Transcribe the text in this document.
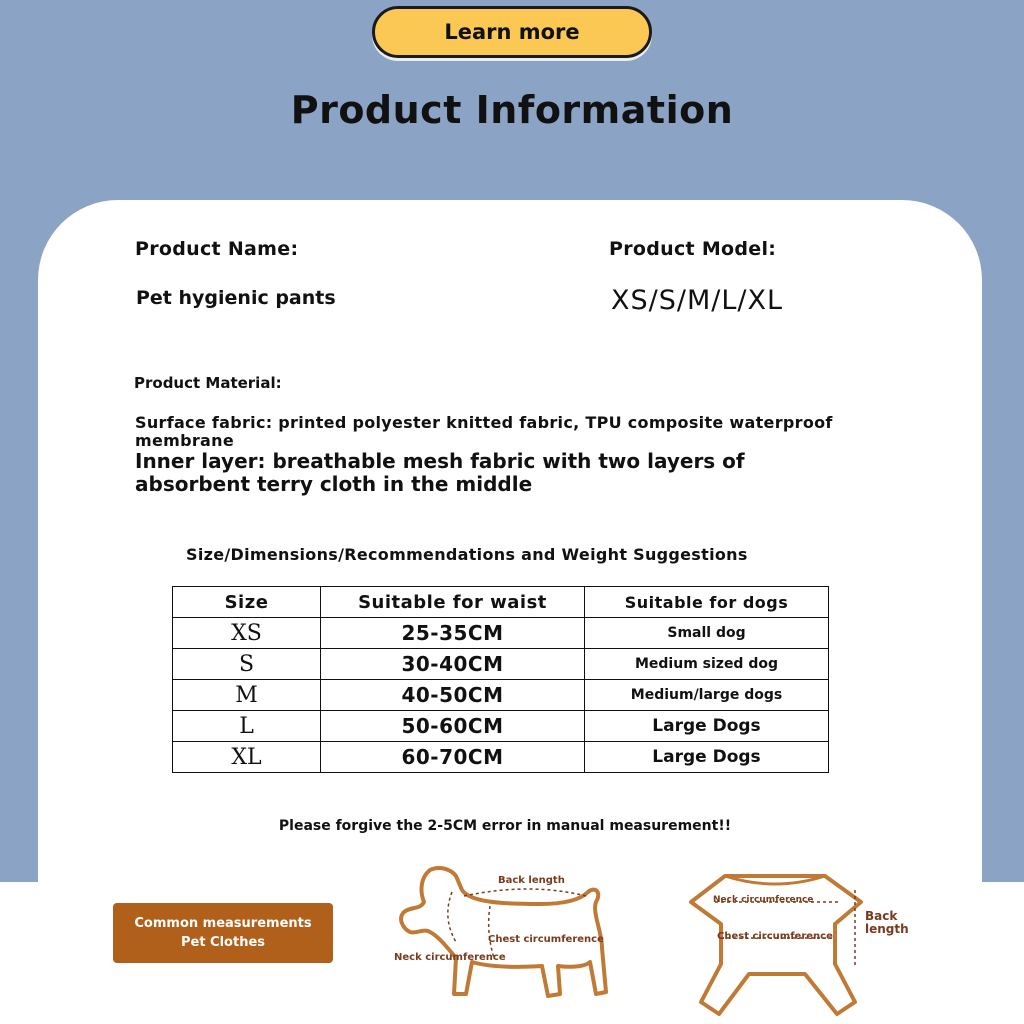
Learn more
Product Information
Product Name:	Product Model:
Pet hygienic pants	XS/S/M/L/XL
Product Material:
Surface fabric: printed polyester knitted fabric, TPU composite waterproof membrane
Inner layer: breathable mesh fabric with two layers of absorbent terry cloth in the middle
Size/Dimensions/Recommendations and Weight Suggestions
Size	Suitable for waist	Suitable for dogs
XS	25-35CM	Small dog
S	30-40CM	Medium sized dog
M	40-50CM	Medium/large dogs
L	50-60CM	Large Dogs
XL	60-70CM	Large Dogs
Please forgive the 2-5CM error in manual measurement!!
Common measurements
Pet Clothes
Back length
Chest circumference
Neck circumference
Neck circumference
Chest circumference
Back
length
